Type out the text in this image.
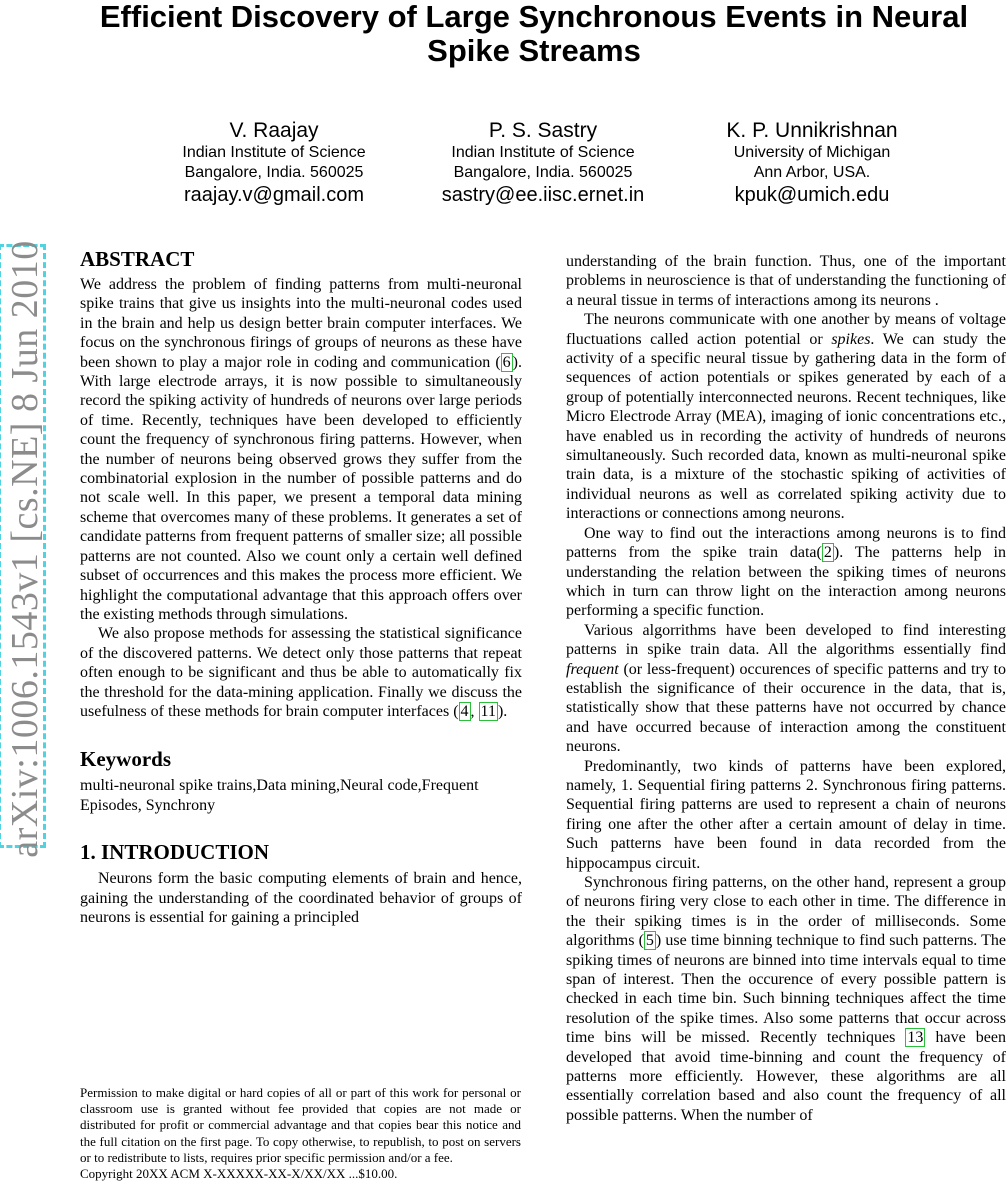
Efficient Discovery of Large Synchronous Events in Neural Spike Streams
V. Raajay
Indian Institute of Science
Bangalore, India. 560025
raajay.v@gmail.com
P. S. Sastry
Indian Institute of Science
Bangalore, India. 560025
sastry@ee.iisc.ernet.in
K. P. Unnikrishnan
University of Michigan
Ann Arbor, USA.
kpuk@umich.edu
arXiv:1006.1543v1 [cs.NE] 8 Jun 2010 ABSTRACT

We address the problem of finding patterns from multi-neuronal spike trains that give us insights into the multi-neuronal codes used in the brain and help us design better brain computer interfaces. We focus on the synchronous firings of groups of neurons as these have been shown to play a major role in coding and communication ( 6 ). With large electrode arrays, it is now possible to simultaneously record the spiking activity of hundreds of neurons over large periods of time. Recently, techniques have been developed to efficiently count the frequency of synchronous firing patterns. However, when the number of neurons being observed grows they suffer from the combinatorial explosion in the number of possible patterns and do not scale well. In this paper, we present a temporal data mining scheme that overcomes many of these problems. It generates a set of candidate patterns from frequent patterns of smaller size; all possible patterns are not counted. Also we count only a certain well defined subset of occurrences and this makes the process more efficient. We highlight the computational advantage that this approach offers over the existing methods through simulations.

We also propose methods for assessing the statistical significance of the discovered patterns. We detect only those patterns that repeat often enough to be significant and thus be able to automatically fix the threshold for the data-mining application. Finally we discuss the usefulness of these methods for brain computer interfaces ( 4 , 11 ).

Keywords

multi-neuronal spike trains,Data mining,Neural code,Frequent Episodes, Synchrony

1. INTRODUCTION

Neurons form the basic computing elements of brain and hence, gaining the understanding of the coordinated behavior of groups of neurons is essential for gaining a principled

Permission to make digital or hard copies of all or part of this work for personal or classroom use is granted without fee provided that copies are not made or distributed for profit or commercial advantage and that copies bear this notice and the full citation on the first page. To copy otherwise, to republish, to post on servers or to redistribute to lists, requires prior specific permission and/or a fee.
Copyright 20XX ACM X-XXXXX-XX-X/XX/XX ...$10.00.

understanding of the brain function. Thus, one of the important problems in neuroscience is that of understanding the functioning of a neural tissue in terms of interactions among its neurons .

The neurons communicate with one another by means of voltage fluctuations called action potential or spikes. We can study the activity of a specific neural tissue by gathering data in the form of sequences of action potentials or spikes generated by each of a group of potentially interconnected neurons. Recent techniques, like Micro Electrode Array (MEA), imaging of ionic concentrations etc., have enabled us in recording the activity of hundreds of neurons simultaneously. Such recorded data, known as multi-neuronal spike train data, is a mixture of the stochastic spiking of activities of individual neurons as well as correlated spiking activity due to interactions or connections among neurons.

One way to find out the interactions among neurons is to find patterns from the spike train data( 2 ). The patterns help in understanding the relation between the spiking times of neurons which in turn can throw light on the interaction among neurons performing a specific function.

Various algorrithms have been developed to find interesting patterns in spike train data. All the algorithms essentially find frequent (or less-frequent) occurences of specific patterns and try to establish the significance of their occurence in the data, that is, statistically show that these patterns have not occurred by chance and have occurred because of interaction among the constituent neurons.

Predominantly, two kinds of patterns have been explored, namely, 1. Sequential firing patterns 2. Synchronous firing patterns. Sequential firing patterns are used to represent a chain of neurons firing one after the other after a certain amount of delay in time. Such patterns have been found in data recorded from the hippocampus circuit.

Synchronous firing patterns, on the other hand, represent a group of neurons firing very close to each other in time. The difference in the their spiking times is in the order of milliseconds. Some algorithms ( 5 ) use time binning technique to find such patterns. The spiking times of neurons are binned into time intervals equal to time span of interest. Then the occurence of every possible pattern is checked in each time bin. Such binning techniques affect the time resolution of the spike times. Also some patterns that occur across time bins will be missed. Recently techniques 13 have been developed that avoid time-binning and count the frequency of patterns more efficiently. However, these algorithms are all essentially correlation based and also count the frequency of all possible patterns. When the number of
